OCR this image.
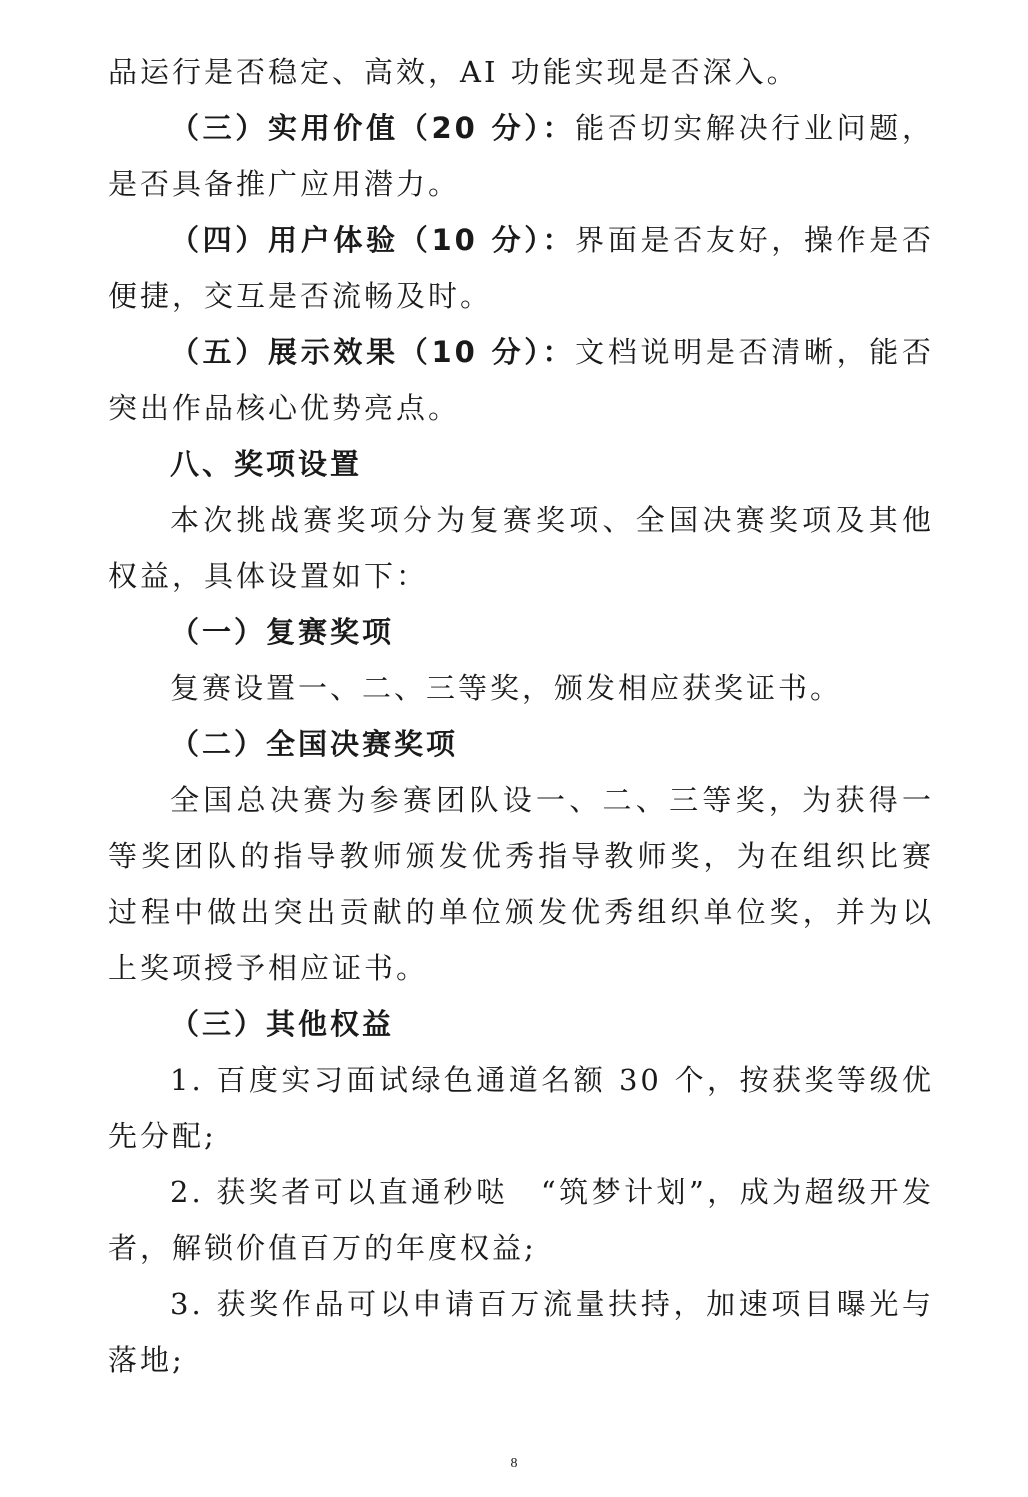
品运行是否稳定、高效，AI 功能实现是否深入。

（三）实用价值（20 分）：能否切实解决行业问题，是否具备推广应用潜力。

（四）用户体验（10 分）：界面是否友好，操作是否便捷，交互是否流畅及时。

（五）展示效果（10 分）：文档说明是否清晰，能否突出作品核心优势亮点。

八、奖项设置

本次挑战赛奖项分为复赛奖项、全国决赛奖项及其他权益，具体设置如下：

（一）复赛奖项

复赛设置一、二、三等奖，颁发相应获奖证书。

（二）全国决赛奖项

全国总决赛为参赛团队设一、二、三等奖，为获得一等奖团队的指导教师颁发优秀指导教师奖，为在组织比赛过程中做出突出贡献的单位颁发优秀组织单位奖，并为以上奖项授予相应证书。

（三）其他权益

1. 百度实习面试绿色通道名额 30 个，按获奖等级优先分配;

2. 获奖者可以直通秒哒　“筑梦计划”，成为超级开发者，解锁价值百万的年度权益;

3. 获奖作品可以申请百万流量扶持，加速项目曝光与落地;

8
